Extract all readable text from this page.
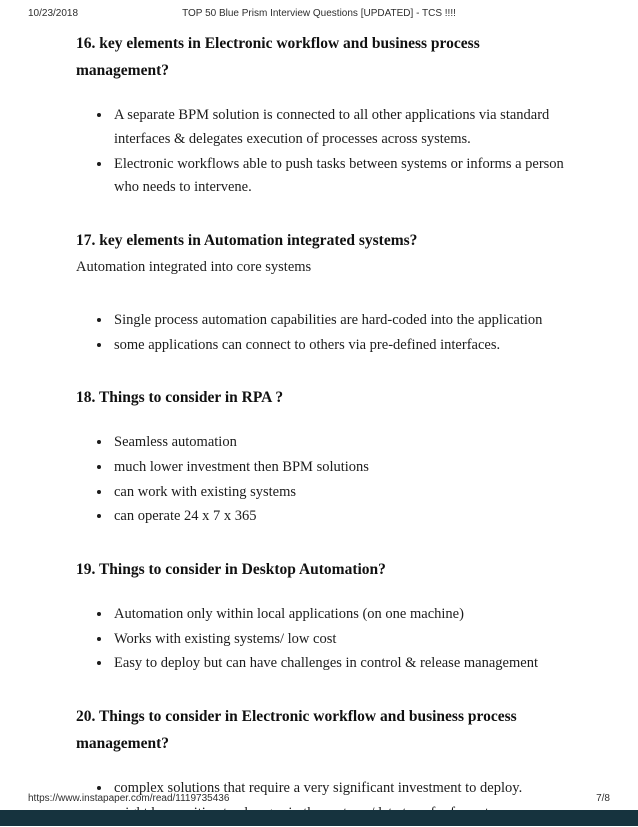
10/23/2018	TOP 50 Blue Prism Interview Questions [UPDATED] - TCS !!!!
16. key elements in Electronic workflow and business process management?
• A separate BPM solution is connected to all other applications via standard interfaces & delegates execution of processes across systems.
• Electronic workflows able to push tasks between systems or informs a person who needs to intervene.
17. key elements in Automation integrated systems?

Automation integrated into core systems

• Single process automation capabilities are hard-coded into the application
• some applications can connect to others via pre-defined interfaces.
18. Things to consider in RPA ?
• Seamless automation
• much lower investment then BPM solutions
• can work with existing systems
• can operate 24 x 7 x 365
19. Things to consider in Desktop Automation?
• Automation only within local applications (on one machine)
• Works with existing systems/ low cost
• Easy to deploy but can have challenges in control & release management
20. Things to consider in Electronic workflow and business process management?
• complex solutions that require a very significant investment to deploy.
•
https://www.instapaper.com/read/1119735436	7/8
